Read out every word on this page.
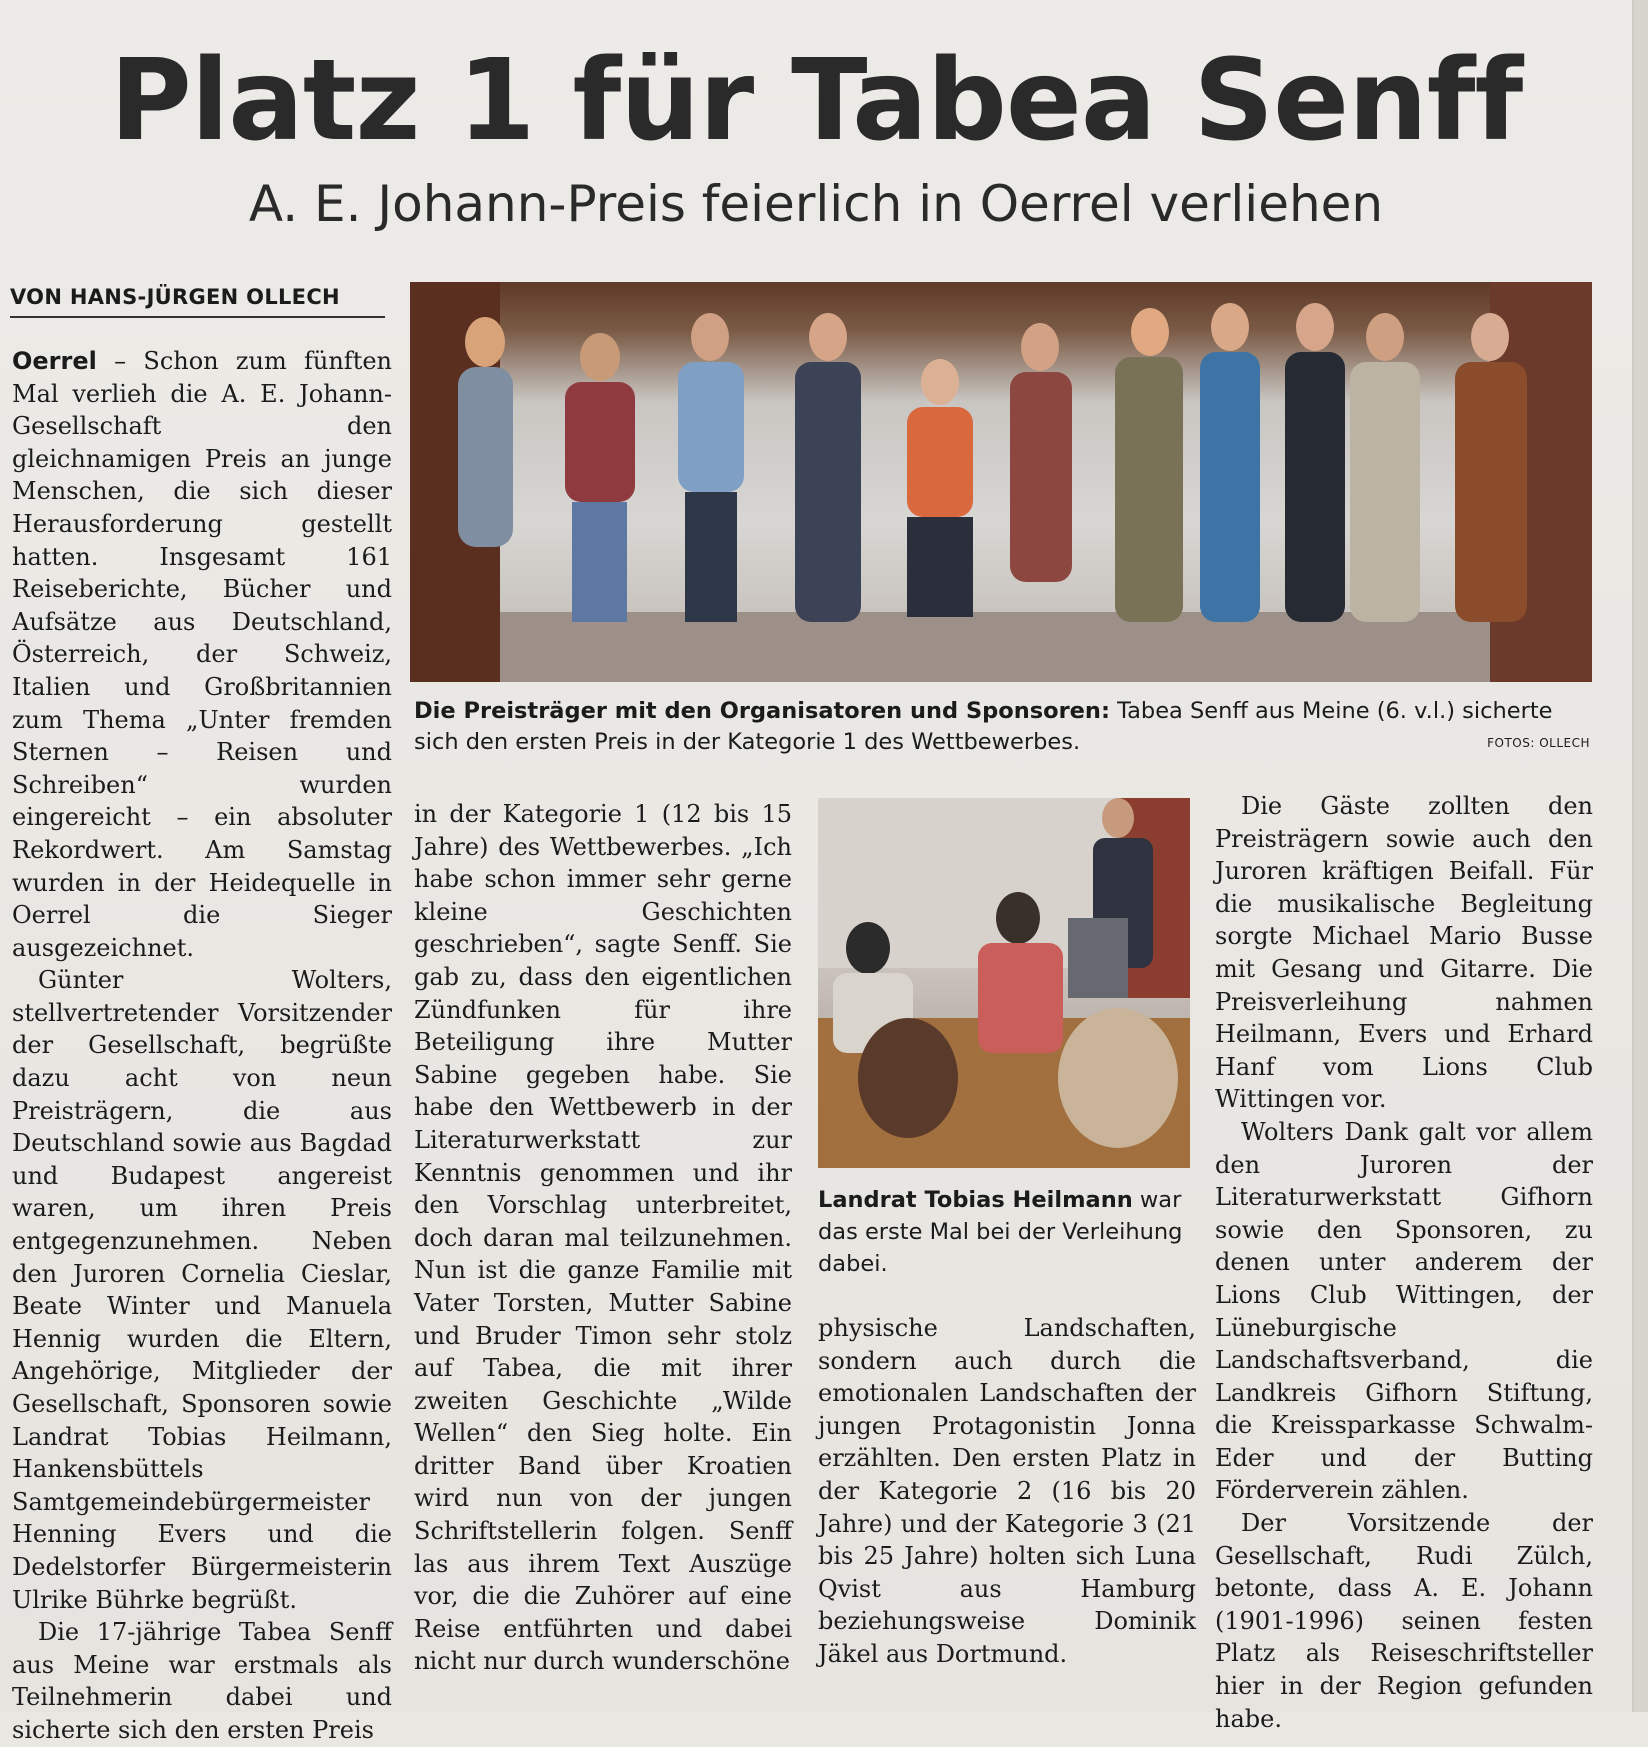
Platz 1 für Tabea Senff
A. E. Johann-Preis feierlich in Oerrel verliehen
VON HANS-JÜRGEN OLLECH
Die Preisträger mit den Organisatoren und Sponsoren: Tabea Senff aus Meine (6. v.l.) sicherte sich den ersten Preis in der Kategorie 1 des Wettbewerbes.	FOTOS: OLLECH

Oerrel – Schon zum fünften Mal verlieh die A. E. Johann-Gesellschaft den gleichnamigen Preis an junge Menschen, die sich dieser Herausforderung gestellt hatten. Insgesamt 161 Reiseberichte, Bücher und Aufsätze aus Deutschland, Österreich, der Schweiz, Italien und Großbritannien zum Thema „Unter fremden Sternen – Reisen und Schreiben“ wurden eingereicht – ein absoluter Rekordwert. Am Samstag wurden in der Heidequelle in Oerrel die Sieger ausgezeichnet.

Günter Wolters, stellvertretender Vorsitzender der Gesellschaft, begrüßte dazu acht von neun Preisträgern, die aus Deutschland sowie aus Bagdad und Budapest angereist waren, um ihren Preis entgegenzunehmen. Neben den Juroren Cornelia Cieslar, Beate Winter und Manuela Hennig wurden die Eltern, Angehörige, Mitglieder der Gesellschaft, Sponsoren sowie Landrat Tobias Heilmann, Hankensbüttels Samtgemeindebürgermeister Henning Evers und die Dedelstorfer Bürgermeisterin Ulrike Bührke begrüßt.

Die 17-jährige Tabea Senff aus Meine war erstmals als Teilnehmerin dabei und sicherte sich den ersten Preis

in der Kategorie 1 (12 bis 15 Jahre) des Wettbewerbes. „Ich habe schon immer sehr gerne kleine Geschichten geschrieben“, sagte Senff. Sie gab zu, dass den eigentlichen Zündfunken für ihre Beteiligung ihre Mutter Sabine gegeben habe. Sie habe den Wettbewerb in der Literaturwerkstatt zur Kenntnis genommen und ihr den Vorschlag unterbreitet, doch daran mal teilzunehmen. Nun ist die ganze Familie mit Vater Torsten, Mutter Sabine und Bruder Timon sehr stolz auf Tabea, die mit ihrer zweiten Geschichte „Wilde Wellen“ den Sieg holte. Ein dritter Band über Kroatien wird nun von der jungen Schriftstellerin folgen. Senff las aus ihrem Text Auszüge vor, die die Zuhörer auf eine Reise entführten und dabei nicht nur durch wunderschöne

Landrat Tobias Heilmann war das erste Mal bei der Verleihung dabei.

physische Landschaften, sondern auch durch die emotionalen Landschaften der jungen Protagonistin Jonna erzählten. Den ersten Platz in der Kategorie 2 (16 bis 20 Jahre) und der Kategorie 3 (21 bis 25 Jahre) holten sich Luna Qvist aus Hamburg beziehungsweise Dominik Jäkel aus Dortmund.

Die Gäste zollten den Preisträgern sowie auch den Juroren kräftigen Beifall. Für die musikalische Begleitung sorgte Michael Mario Busse mit Gesang und Gitarre. Die Preisverleihung nahmen Heilmann, Evers und Erhard Hanf vom Lions Club Wittingen vor.

Wolters Dank galt vor allem den Juroren der Literaturwerkstatt Gifhorn sowie den Sponsoren, zu denen unter anderem der Lions Club Wittingen, der Lüneburgische Landschaftsverband, die Landkreis Gifhorn Stiftung, die Kreissparkasse Schwalm-Eder und der Butting Förderverein zählen.

Der Vorsitzende der Gesellschaft, Rudi Zülch, betonte, dass A. E. Johann (1901-1996) seinen festen Platz als Reiseschriftsteller hier in der Region gefunden habe.
